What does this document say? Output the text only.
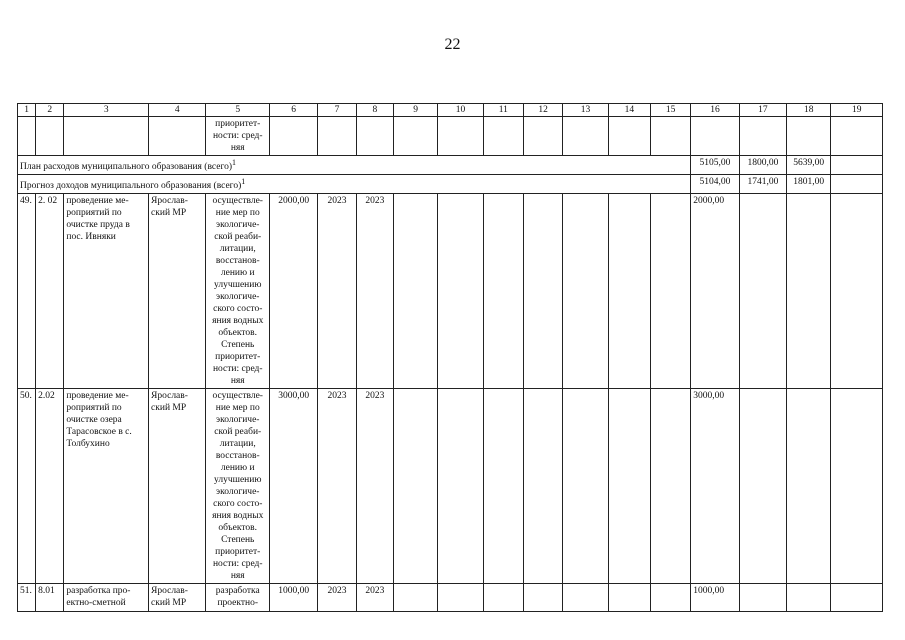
22
1	2	3	4	5	6	7	8	9	10	11	12	13	14	15	16	17	18	19
				приоритет-ности: сред-няя														
План расходов муниципального образования (всего)$^1$															5105,00	1800,00	5639,00	
Прогноз доходов муниципального образования (всего)$^1$															5104,00	1741,00	1801,00	
49.	2. 02	проведение ме-роприятий по очистке пруда в пос. Ивняки	Ярослав-ский МР	осуществле-ние мер по экологиче-ской реаби-литации, восстанов-лению и улучшению экологиче-ского состо-яния водных объектов. Степень приоритет-ности: сред-няя	2000,00	2023	2023								2000,00			
50.	2.02	проведение ме-роприятий по очистке озера Тарасовское в с. Толбухино	Ярослав-ский МР	осуществле-ние мер по экологиче-ской реаби-литации, восстанов-лению и улучшению экологиче-ского состо-яния водных объектов. Степень приоритет-ности: сред-няя	3000,00	2023	2023								3000,00			
51.	8.01	разработка про-ектно-сметной	Ярослав-ский МР	разработка проектно-	1000,00	2023	2023								1000,00			
